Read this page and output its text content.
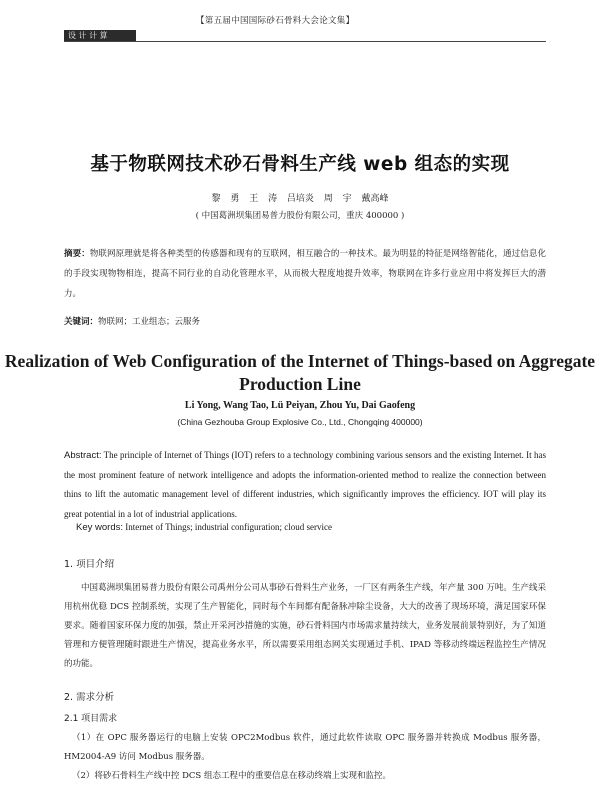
【第五届中国国际砂石骨料大会论文集】
设 计 计 算
基于物联网技术砂石骨料生产线 web 组态的实现
黎 勇 王 涛 吕培炎 周 宇 戴高峰
( 中国葛洲坝集团易普力股份有限公司，重庆 400000 )
摘要：物联网原理就是将各种类型的传感器和现有的互联网，相互融合的一种技术。最为明显的特征是网络智能化，通过信息化的手段实现物物相连，提高不同行业的自动化管理水平，从而极大程度地提升效率，物联网在许多行业应用中将发挥巨大的潜力。
关键词：物联网；工业组态；云服务
Realization of Web Configuration of the Internet of Things-based on Aggregate Production Line
Li Yong, Wang Tao, Lü Peiyan, Zhou Yu, Dai Gaofeng
(China Gezhouba Group Explosive Co., Ltd., Chongqing 400000)
Abstract: The principle of Internet of Things (IOT) refers to a technology combining various sensors and the existing Internet. It has the most prominent feature of network intelligence and adopts the information-oriented method to realize the connection between thins to lift the automatic management level of different industries, which significantly improves the efficiency. IOT will play its great potential in a lot of industrial applications.
Key words: Internet of Things; industrial configuration; cloud service
1. 项目介绍
中国葛洲坝集团易普力股份有限公司禹州分公司从事砂石骨料生产业务，一厂区有两条生产线，年产量 300 万吨。生产线采用杭州优稳 DCS 控制系统，实现了生产智能化，同时每个车间都有配备脉冲除尘设备，大大的改善了现场环境，满足国家环保要求。随着国家环保力度的加强，禁止开采河沙措施的实施，砂石骨料国内市场需求量持续大，业务发展前景特别好，为了知道管理和方便管理随时跟进生产情况，提高业务水平，所以需要采用组态网关实现通过手机、IPAD 等移动终端远程监控生产情况的功能。
2. 需求分析
2.1 项目需求
（1）在 OPC 服务器运行的电脑上安装 OPC2Modbus 软件，通过此软件读取 OPC 服务器并转换成 Modbus 服务器，HM2004-A9 访问 Modbus 服务器。
（2）将砂石骨料生产线中控 DCS 组态工程中的重要信息在移动终端上实现和监控。
